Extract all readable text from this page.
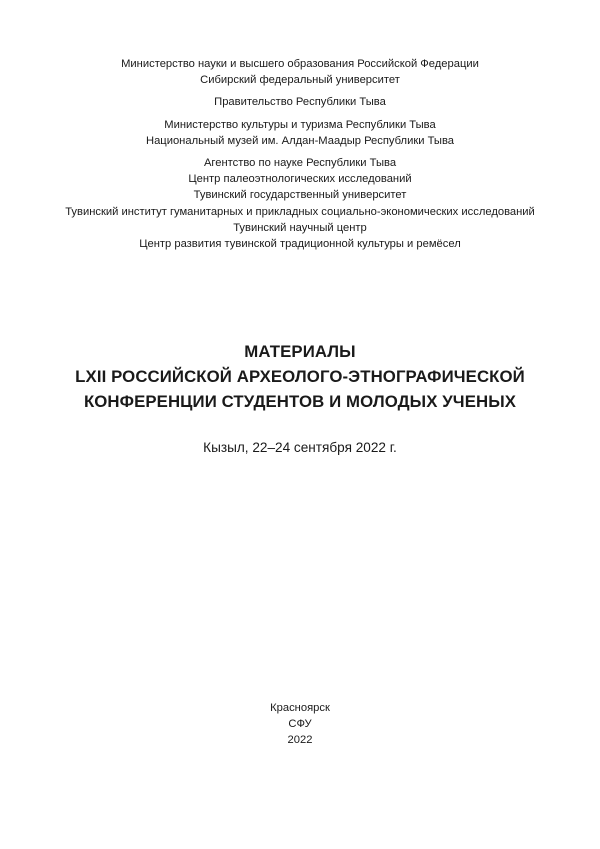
Министерство науки и высшего образования Российской Федерации
Сибирский федеральный университет
Правительство Республики Тыва
Министерство культуры и туризма Республики Тыва
Национальный музей им. Алдан-Маадыр Республики Тыва
Агентство по науке Республики Тыва
Центр палеоэтнологических исследований
Тувинский государственный университет
Тувинский институт гуманитарных и прикладных социально-экономических исследований
Тувинский научный центр
Центр развития тувинской традиционной культуры и ремёсел
МАТЕРИАЛЫ
LXII РОССИЙСКОЙ АРХЕОЛОГО-ЭТНОГРАФИЧЕСКОЙ
КОНФЕРЕНЦИИ СТУДЕНТОВ И МОЛОДЫХ УЧЕНЫХ
Кызыл, 22–24 сентября 2022 г.
Красноярск
СФУ
2022
